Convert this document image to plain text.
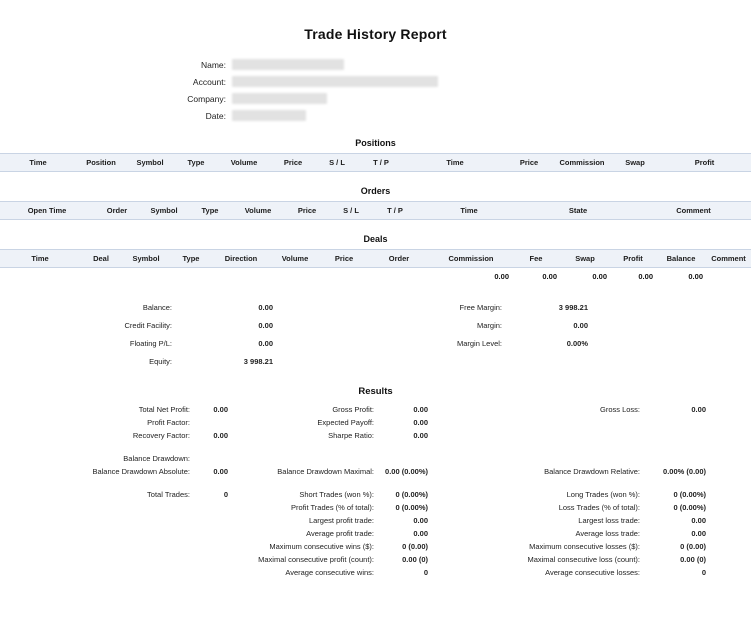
Trade History Report
Name:
Account:
Company:
Date:
Positions
Time	Position	Symbol	Type	Volume	Price	S / L	T / P	Time	Price	Commission	Swap	Profit
Orders
Open Time	Order	Symbol	Type	Volume	Price	S / L	T / P	Time	State	Comment
Deals
Time	Deal	Symbol	Type	Direction	Volume	Price	Order	Commission	Fee	Swap	Profit	Balance	Comment
								0.00	0.00	0.00	0.00	0.00	
Balance:	0.00	Free Margin:	3 998.21
Credit Facility:	0.00	Margin:	0.00
Floating P/L:	0.00	Margin Level:	0.00%
Equity:	3 998.21
Results
Total Net Profit:	0.00	Gross Profit:	0.00	Gross Loss:	0.00
Profit Factor:	Expected Payoff:	0.00
Recovery Factor:	0.00	Sharpe Ratio:	0.00
Balance Drawdown:
Balance Drawdown Absolute:	0.00	Balance Drawdown Maximal:	0.00 (0.00%)	Balance Drawdown Relative:	0.00% (0.00)
Total Trades:	0	Short Trades (won %):	0 (0.00%)	Long Trades (won %):	0 (0.00%)
Profit Trades (% of total):	0 (0.00%)	Loss Trades (% of total):	0 (0.00%)
Largest profit trade:	0.00	Largest loss trade:	0.00
Average profit trade:	0.00	Average loss trade:	0.00
Maximum consecutive wins ($):	0 (0.00)	Maximum consecutive losses ($):	0 (0.00)
Maximal consecutive profit (count):	0.00 (0)	Maximal consecutive loss (count):	0.00 (0)
Average consecutive wins:	0	Average consecutive losses:	0
